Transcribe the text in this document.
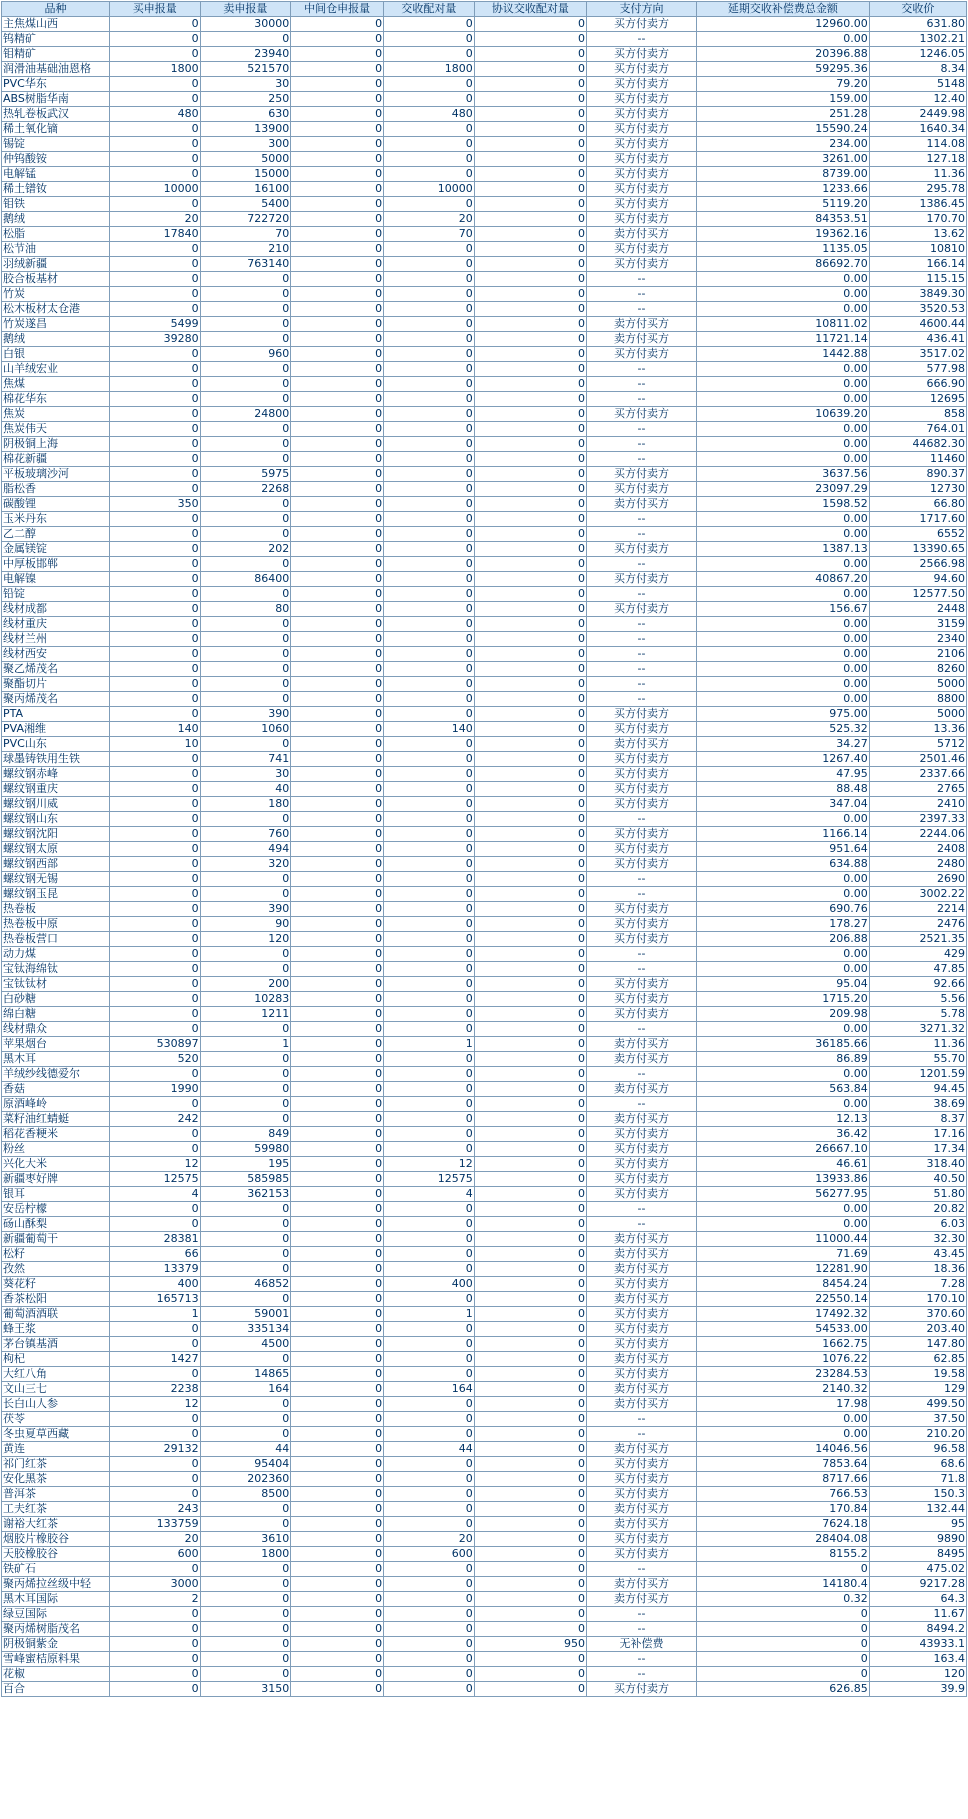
品种	买申报量	卖申报量	中间仓申报量	交收配对量	协议交收配对量	支付方向	延期交收补偿费总金额	交收价
主焦煤山西	0	30000	0	0	0	买方付卖方	12960.00	631.80
钨精矿	0	0	0	0	0	--	0.00	1302.21
钼精矿	0	23940	0	0	0	买方付卖方	20396.88	1246.05
润滑油基础油恩格	1800	521570	0	1800	0	买方付卖方	59295.36	8.34
PVC华东	0	30	0	0	0	买方付卖方	79.20	5148
ABS树脂华南	0	250	0	0	0	买方付卖方	159.00	12.40
热轧卷板武汉	480	630	0	480	0	买方付卖方	251.28	2449.98
稀土氧化镝	0	13900	0	0	0	买方付卖方	15590.24	1640.34
锡锭	0	300	0	0	0	买方付卖方	234.00	114.08
仲钨酸铵	0	5000	0	0	0	买方付卖方	3261.00	127.18
电解锰	0	15000	0	0	0	买方付卖方	8739.00	11.36
稀土镨钕	10000	16100	0	10000	0	买方付卖方	1233.66	295.78
钼铁	0	5400	0	0	0	买方付卖方	5119.20	1386.45
鹅绒	20	722720	0	20	0	买方付卖方	84353.51	170.70
松脂	17840	70	0	70	0	卖方付买方	19362.16	13.62
松节油	0	210	0	0	0	买方付卖方	1135.05	10810
羽绒新疆	0	763140	0	0	0	买方付卖方	86692.70	166.14
胶合板基材	0	0	0	0	0	--	0.00	115.15
竹炭	0	0	0	0	0	--	0.00	3849.30
松木板材太仓港	0	0	0	0	0	--	0.00	3520.53
竹炭遂昌	5499	0	0	0	0	卖方付买方	10811.02	4600.44
鹅绒	39280	0	0	0	0	卖方付买方	11721.14	436.41
白银	0	960	0	0	0	买方付卖方	1442.88	3517.02
山羊绒宏业	0	0	0	0	0	--	0.00	577.98
焦煤	0	0	0	0	0	--	0.00	666.90
棉花华东	0	0	0	0	0	--	0.00	12695
焦炭	0	24800	0	0	0	买方付卖方	10639.20	858
焦炭伟天	0	0	0	0	0	--	0.00	764.01
阴极铜上海	0	0	0	0	0	--	0.00	44682.30
棉花新疆	0	0	0	0	0	--	0.00	11460
平板玻璃沙河	0	5975	0	0	0	买方付卖方	3637.56	890.37
脂松香	0	2268	0	0	0	买方付卖方	23097.29	12730
碳酸锂	350	0	0	0	0	卖方付买方	1598.52	66.80
玉米丹东	0	0	0	0	0	--	0.00	1717.60
乙二醇	0	0	0	0	0	--	0.00	6552
金属镁锭	0	202	0	0	0	买方付卖方	1387.13	13390.65
中厚板邯郸	0	0	0	0	0	--	0.00	2566.98
电解镍	0	86400	0	0	0	买方付卖方	40867.20	94.60
铅锭	0	0	0	0	0	--	0.00	12577.50
线材成都	0	80	0	0	0	买方付卖方	156.67	2448
线材重庆	0	0	0	0	0	--	0.00	3159
线材兰州	0	0	0	0	0	--	0.00	2340
线材西安	0	0	0	0	0	--	0.00	2106
聚乙烯茂名	0	0	0	0	0	--	0.00	8260
聚酯切片	0	0	0	0	0	--	0.00	5000
聚丙烯茂名	0	0	0	0	0	--	0.00	8800
PTA	0	390	0	0	0	买方付卖方	975.00	5000
PVA湘维	140	1060	0	140	0	买方付卖方	525.32	13.36
PVC山东	10	0	0	0	0	卖方付买方	34.27	5712
球墨铸铁用生铁	0	741	0	0	0	买方付卖方	1267.40	2501.46
螺纹钢赤峰	0	30	0	0	0	买方付卖方	47.95	2337.66
螺纹钢重庆	0	40	0	0	0	买方付卖方	88.48	2765
螺纹钢川威	0	180	0	0	0	买方付卖方	347.04	2410
螺纹钢山东	0	0	0	0	0	--	0.00	2397.33
螺纹钢沈阳	0	760	0	0	0	买方付卖方	1166.14	2244.06
螺纹钢太原	0	494	0	0	0	买方付卖方	951.64	2408
螺纹钢西部	0	320	0	0	0	买方付卖方	634.88	2480
螺纹钢无锡	0	0	0	0	0	--	0.00	2690
螺纹钢玉昆	0	0	0	0	0	--	0.00	3002.22
热卷板	0	390	0	0	0	买方付卖方	690.76	2214
热卷板中原	0	90	0	0	0	买方付卖方	178.27	2476
热卷板营口	0	120	0	0	0	买方付卖方	206.88	2521.35
动力煤	0	0	0	0	0	--	0.00	429
宝钛海绵钛	0	0	0	0	0	--	0.00	47.85
宝钛钛材	0	200	0	0	0	买方付卖方	95.04	92.66
白砂糖	0	10283	0	0	0	买方付卖方	1715.20	5.56
绵白糖	0	1211	0	0	0	买方付卖方	209.98	5.78
线材鼎众	0	0	0	0	0	--	0.00	3271.32
苹果烟台	530897	1	0	1	0	卖方付买方	36185.66	11.36
黑木耳	520	0	0	0	0	卖方付买方	86.89	55.70
羊绒纱线德爱尔	0	0	0	0	0	--	0.00	1201.59
香菇	1990	0	0	0	0	卖方付买方	563.84	94.45
原酒峰岭	0	0	0	0	0	--	0.00	38.69
菜籽油红蜻蜓	242	0	0	0	0	卖方付买方	12.13	8.37
稻花香粳米	0	849	0	0	0	买方付卖方	36.42	17.16
粉丝	0	59980	0	0	0	买方付卖方	26667.10	17.34
兴化大米	12	195	0	12	0	买方付卖方	46.61	318.40
新疆枣好牌	12575	585985	0	12575	0	买方付卖方	13933.86	40.50
银耳	4	362153	0	4	0	买方付卖方	56277.95	51.80
安岳柠檬	0	0	0	0	0	--	0.00	20.82
砀山酥梨	0	0	0	0	0	--	0.00	6.03
新疆葡萄干	28381	0	0	0	0	卖方付买方	11000.44	32.30
松籽	66	0	0	0	0	卖方付买方	71.69	43.45
孜然	13379	0	0	0	0	卖方付买方	12281.90	18.36
葵花籽	400	46852	0	400	0	买方付卖方	8454.24	7.28
香茶松阳	165713	0	0	0	0	卖方付买方	22550.14	170.10
葡萄酒酒联	1	59001	0	1	0	买方付卖方	17492.32	370.60
蜂王浆	0	335134	0	0	0	买方付卖方	54533.00	203.40
茅台镇基酒	0	4500	0	0	0	买方付卖方	1662.75	147.80
枸杞	1427	0	0	0	0	卖方付买方	1076.22	62.85
大红八角	0	14865	0	0	0	买方付卖方	23284.53	19.58
文山三七	2238	164	0	164	0	卖方付买方	2140.32	129
长白山人参	12	0	0	0	0	卖方付买方	17.98	499.50
茯苓	0	0	0	0	0	--	0.00	37.50
冬虫夏草西藏	0	0	0	0	0	--	0.00	210.20
黄连	29132	44	0	44	0	卖方付买方	14046.56	96.58
祁门红茶	0	95404	0	0	0	买方付卖方	7853.64	68.6
安化黑茶	0	202360	0	0	0	买方付卖方	8717.66	71.8
普洱茶	0	8500	0	0	0	买方付卖方	766.53	150.3
工夫红茶	243	0	0	0	0	卖方付买方	170.84	132.44
谢裕大红茶	133759	0	0	0	0	卖方付买方	7624.18	95
烟胶片橡胶谷	20	3610	0	20	0	买方付卖方	28404.08	9890
天胶橡胶谷	600	1800	0	600	0	买方付卖方	8155.2	8495
铁矿石	0	0	0	0	0	--	0	475.02
聚丙烯拉丝级中轻	3000	0	0	0	0	卖方付买方	14180.4	9217.28
黑木耳国际	2	0	0	0	0	卖方付买方	0.32	64.3
绿豆国际	0	0	0	0	0	--	0	11.67
聚丙烯树脂茂名	0	0	0	0	0	--	0	8494.2
阴极铜紫金	0	0	0	0	950	无补偿费	0	43933.1
雪峰蜜桔原料果	0	0	0	0	0	--	0	163.4
花椒	0	0	0	0	0	--	0	120
百合	0	3150	0	0	0	买方付卖方	626.85	39.9
